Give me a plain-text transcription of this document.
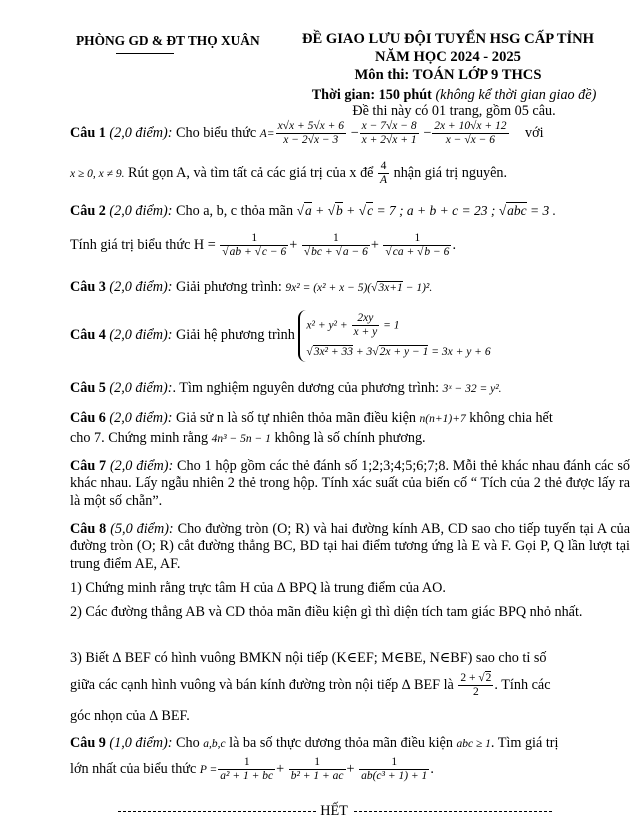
PHÒNG GD & ĐT THỌ XUÂN	ĐỀ GIAO LƯU ĐỘI TUYỂN HSG CẤP TỈNH
NĂM HỌC 2024 - 2025
Môn thi: TOÁN LỚP 9 THCS
Thời gian: 150 phút (không kể thời gian giao đề)
Đề thi này có 01 trang, gồm 05 câu.
Câu 1 (2,0 điểm): Cho biểu thức $A= \frac{x√x + 5√x + 6}{x - 2√x - 3} - \frac{x - 7√x - 8}{x + 2√x + 1} - \frac{2x + 10√x + 12}{x - √x - 6}$ với
x ≥ 0, x ≠ 9. Rút gọn A, và tìm tất cả các giá trị của x để $\frac{4}{A}$ nhận giá trị nguyên.
Câu 2 (2,0 điểm): Cho a, b, c thỏa mãn √a + √b + √c = 7 ; a + b + c = 23 ; √abc = 3 .
Tính giá trị biểu thức $H = \frac{1}{√ab + √c - 6} + \frac{1}{√bc + √a - 6} + \frac{1}{√ca + √b - 6}$ .
Câu 3 (2,0 điểm): Giải phương trình: 9x² = (x² + x − 5)(√3x+1 − 1)².
Câu 4 (2,0 điểm): Giải hệ phương trình
$x^2 + y^2 + \frac{2xy}{x + y} = 1$
√3x² + 33 + 3√2x + y − 1 = 3x + y + 6
Câu 5 (2,0 điểm):. Tìm nghiệm nguyên dương của phương trình: 3ˣ − 32 = y².
Câu 6 (2,0 điểm): Giả sử n là số tự nhiên thỏa mãn điều kiện n(n+1)+7 không chia hết
cho 7. Chứng minh rằng 4n³ − 5n − 1 không là số chính phương.
Câu 7 (2,0 điểm): Cho 1 hộp gồm các thẻ đánh số 1;2;3;4;5;6;7;8. Mỗi thẻ khác nhau đánh các số khác nhau. Lấy ngẫu nhiên 2 thẻ trong hộp. Tính xác suất của biến cố “ Tích của 2 thẻ được lấy ra là một số chẵn”.
Câu 8 (5,0 điểm): Cho đường tròn (O; R) và hai đường kính AB, CD sao cho tiếp tuyến tại A của đường tròn (O; R) cắt đường thẳng BC, BD tại hai điểm tương ứng là E và F. Gọi P, Q lần lượt tại trung điểm AE, AF.
1) Chứng minh rằng trực tâm H của ∆ BPQ là trung điểm của AO.
2) Các đường thẳng AB và CD thỏa mãn điều kiện gì thì diện tích tam giác BPQ nhỏ nhất.
3) Biết ∆ BEF có hình vuông BMKN nội tiếp (K∈EF; M∈BE, N∈BF) sao cho tỉ số
giữa các cạnh hình vuông và bán kính đường tròn nội tiếp ∆ BEF là $\frac{2 + √2}{2}$ . Tính các
góc nhọn của ∆ BEF.
Câu 9 (1,0 điểm): Cho a,b,c là ba số thực dương thỏa mãn điều kiện abc ≥ 1. Tìm giá trị
lớn nhất của biểu thức $P = \frac{1}{\text{a² + 1 + bc}} + \frac{1}{\text{b² + 1 + ac}} + \frac{1}{\text{ab(c³ + 1) + 1}}$ .
HẾT
